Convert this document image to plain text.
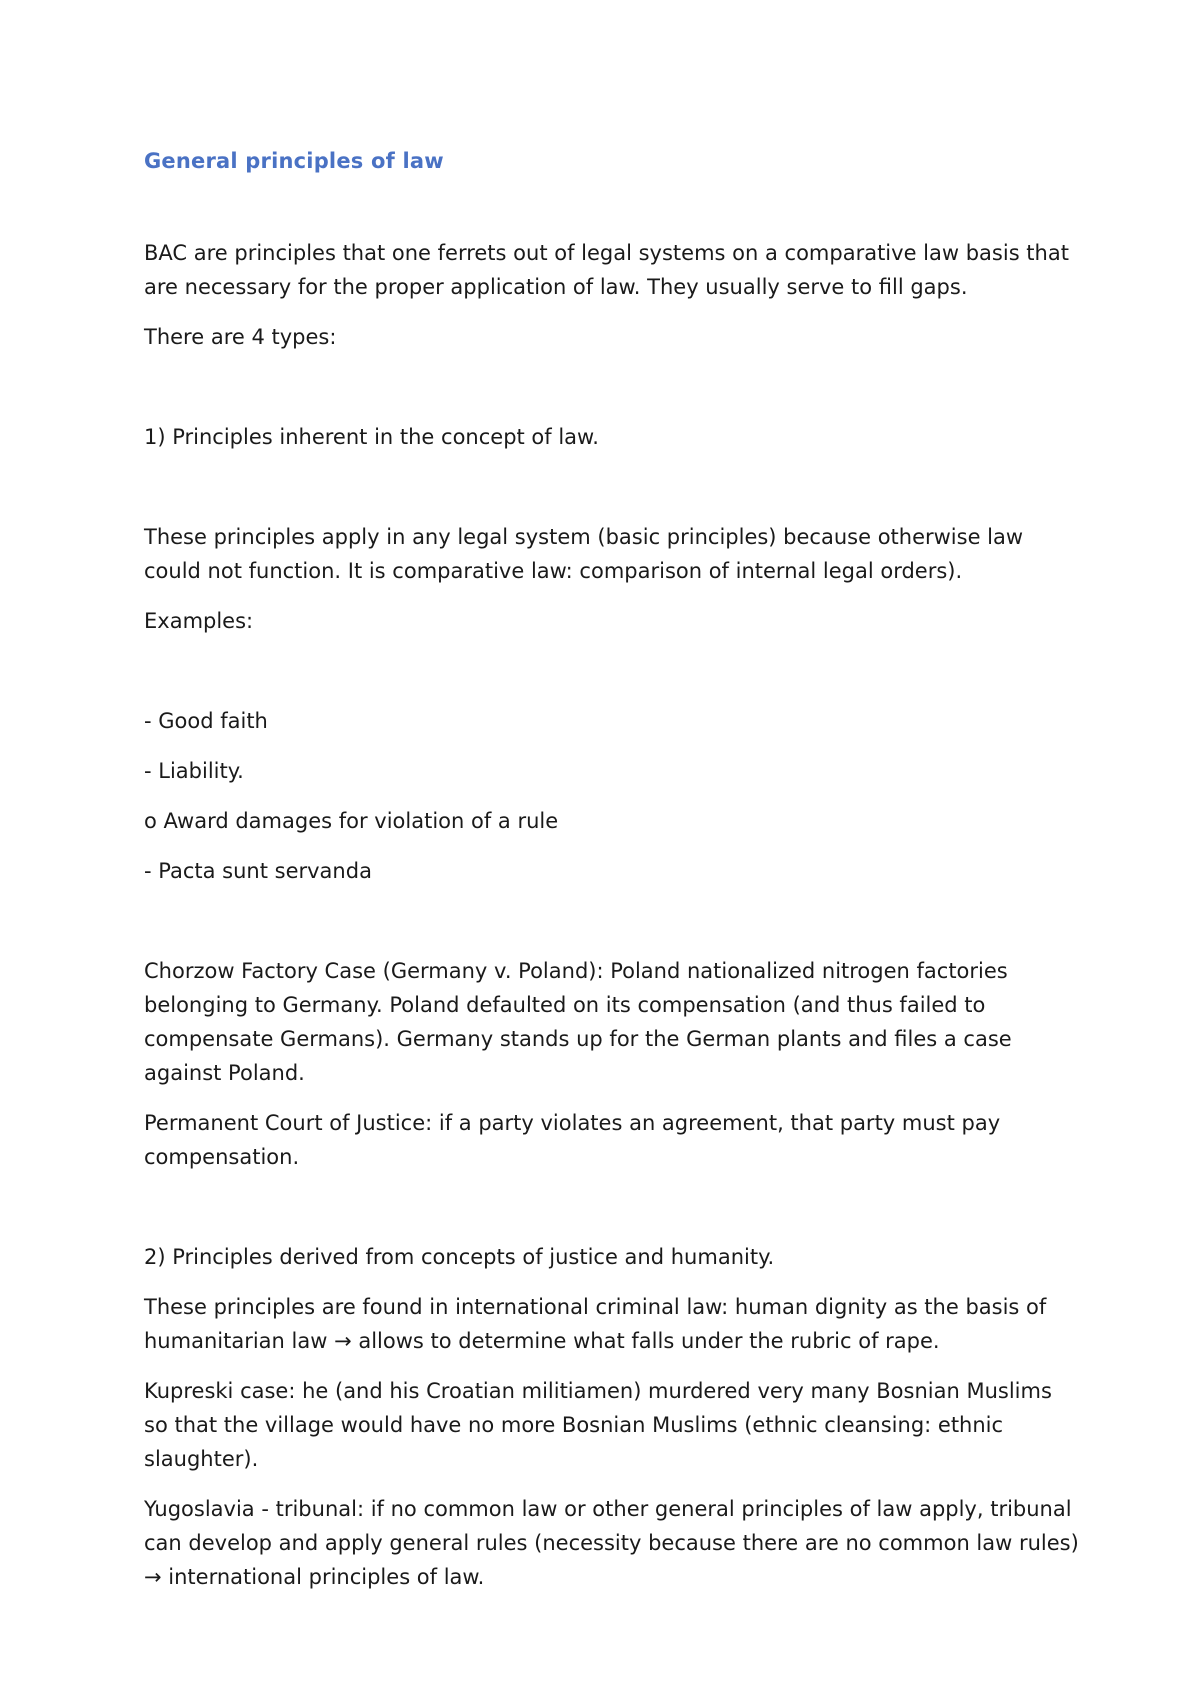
General principles of law
BAC are principles that one ferrets out of legal systems on a comparative law basis that are necessary for the proper application of law. They usually serve to fill gaps.
There are 4 types:
1) Principles inherent in the concept of law.
These principles apply in any legal system (basic principles) because otherwise law could not function. It is comparative law: comparison of internal legal orders).
Examples:
- Good faith
- Liability.
o Award damages for violation of a rule
- Pacta sunt servanda
Chorzow Factory Case (Germany v. Poland): Poland nationalized nitrogen factories belonging to Germany. Poland defaulted on its compensation (and thus failed to compensate Germans). Germany stands up for the German plants and files a case against Poland.
Permanent Court of Justice: if a party violates an agreement, that party must pay compensation.
2) Principles derived from concepts of justice and humanity.
These principles are found in international criminal law: human dignity as the basis of humanitarian law → allows to determine what falls under the rubric of rape.
Kupreski case: he (and his Croatian militiamen) murdered very many Bosnian Muslims so that the village would have no more Bosnian Muslims (ethnic cleansing: ethnic slaughter).
Yugoslavia - tribunal: if no common law or other general principles of law apply, tribunal can develop and apply general rules (necessity because there are no common law rules) → international principles of law.
